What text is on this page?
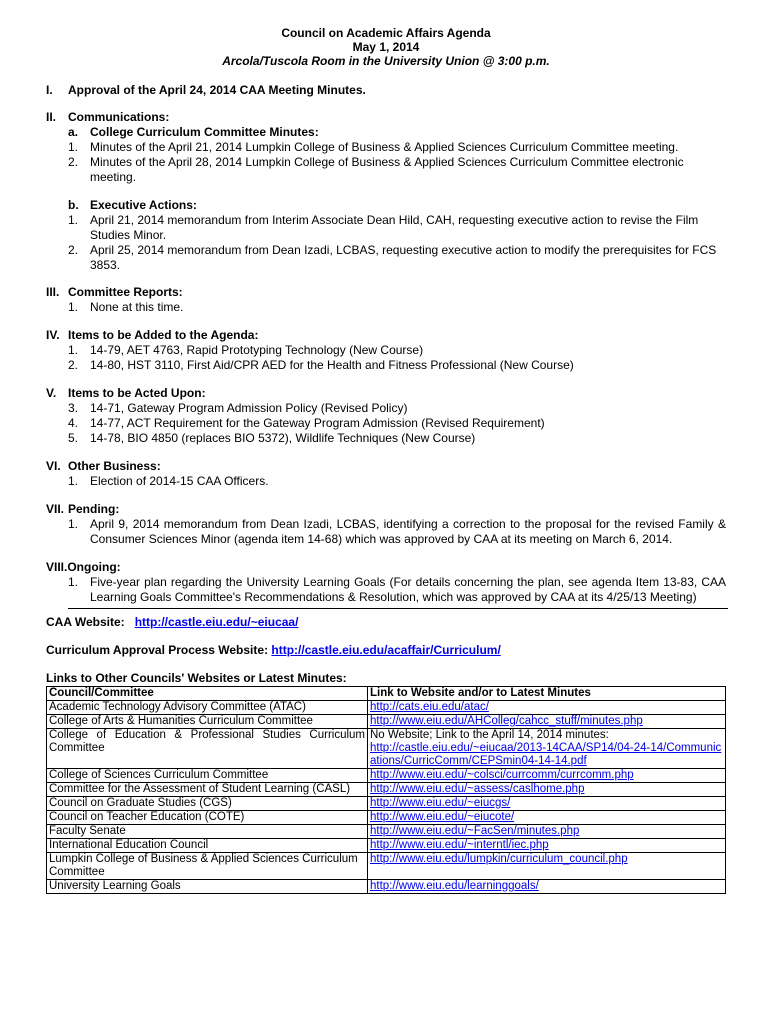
Council on Academic Affairs Agenda
May 1, 2014
Arcola/Tuscola Room in the University Union @ 3:00 p.m.
I.	Approval of the April 24, 2014 CAA Meeting Minutes.
II. Communications:
a. College Curriculum Committee Minutes:
1. Minutes of the April 21, 2014 Lumpkin College of Business & Applied Sciences Curriculum Committee meeting.
2. Minutes of the April 28, 2014 Lumpkin College of Business & Applied Sciences Curriculum Committee electronic meeting.
b. Executive Actions:
1. April 21, 2014 memorandum from Interim Associate Dean Hild, CAH, requesting executive action to revise the Film Studies Minor.
2. April 25, 2014 memorandum from Dean Izadi, LCBAS, requesting executive action to modify the prerequisites for FCS 3853.
III. Committee Reports:
1. None at this time.
IV. Items to be Added to the Agenda:
1. 14-79, AET 4763, Rapid Prototyping Technology (New Course)
2. 14-80, HST 3110, First Aid/CPR AED for the Health and Fitness Professional (New Course)
V. Items to be Acted Upon:
3. 14-71, Gateway Program Admission Policy (Revised Policy)
4. 14-77, ACT Requirement for the Gateway Program Admission (Revised Requirement)
5. 14-78, BIO 4850 (replaces BIO 5372), Wildlife Techniques (New Course)
VI. Other Business:
1. Election of 2014-15 CAA Officers.
VII. Pending:
1. April 9, 2014 memorandum from Dean Izadi, LCBAS, identifying a correction to the proposal for the revised Family & Consumer Sciences Minor (agenda item 14-68) which was approved by CAA at its meeting on March 6, 2014.
VIII. Ongoing:
1. Five-year plan regarding the University Learning Goals (For details concerning the plan, see agenda Item 13-83, CAA Learning Goals Committee's Recommendations & Resolution, which was approved by CAA at its 4/25/13 Meeting)
CAA Website: http://castle.eiu.edu/~eiucaa/
Curriculum Approval Process Website: http://castle.eiu.edu/acaffair/Curriculum/
Links to Other Councils' Websites or Latest Minutes:
Council/Committee	Link to Website and/or to Latest Minutes
Academic Technology Advisory Committee (ATAC)	http://cats.eiu.edu/atac/
College of Arts & Humanities Curriculum Committee	http://www.eiu.edu/AHColleg/cahcc_stuff/minutes.php

College of Education & Professional Studies Curriculum Committee	No Website; Link to the April 14, 2014 minutes:
http://castle.eiu.edu/~eiucaa/2013-14CAA/SP14/04-24-14/Communications/CurricComm/CEPSmin04-14-14.pdf
College of Sciences Curriculum Committee	http://www.eiu.edu/~colsci/currcomm/currcomm.php
Committee for the Assessment of Student Learning (CASL)	http://www.eiu.edu/~assess/caslhome.php
Council on Graduate Studies (CGS)	http://www.eiu.edu/~eiucgs/
Council on Teacher Education (COTE)	http://www.eiu.edu/~eiucote/
Faculty Senate	http://www.eiu.edu/~FacSen/minutes.php
International Education Council	http://www.eiu.edu/~interntl/iec.php
Lumpkin College of Business & Applied Sciences Curriculum Committee	http://www.eiu.edu/lumpkin/curriculum_council.php
University Learning Goals	http://www.eiu.edu/learninggoals/
